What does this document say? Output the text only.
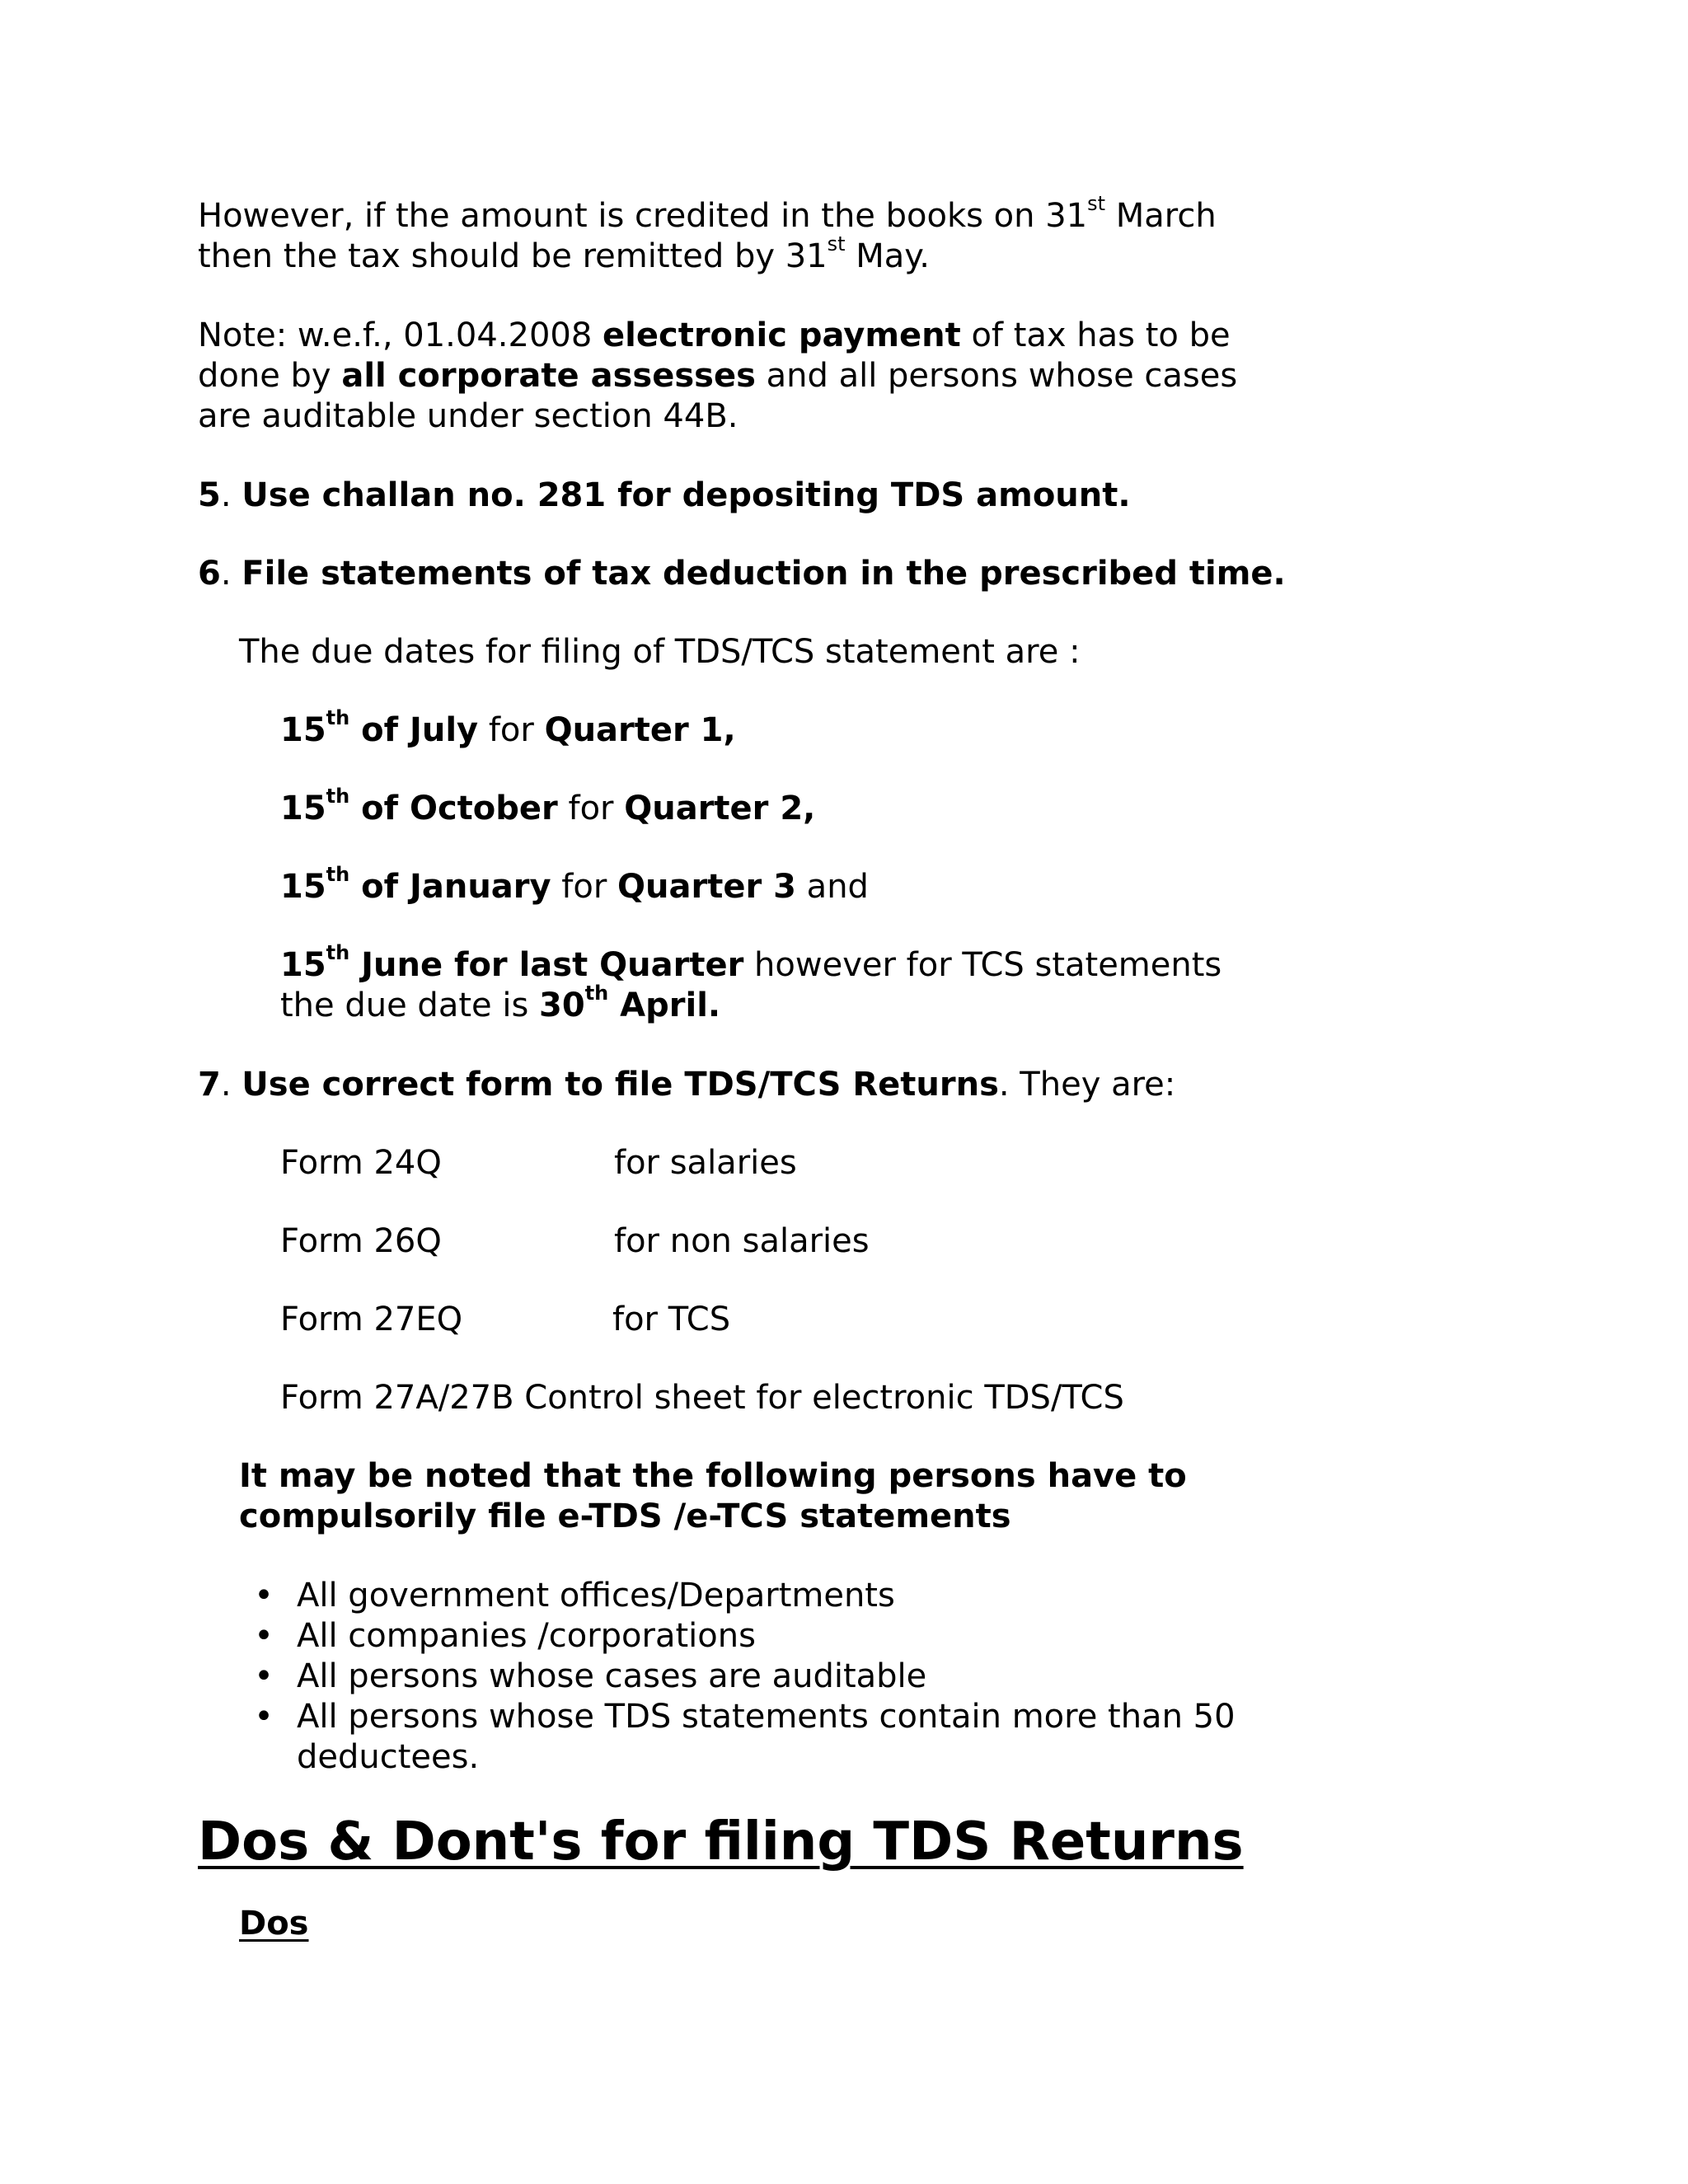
However, if the amount is credited in the books on 31st March
then the tax should be remitted by 31st May.
Note: w.e.f., 01.04.2008 electronic payment of tax has to be
done by all corporate assesses and all persons whose cases
are auditable under section 44B.
5. Use challan no. 281 for depositing TDS amount.
6. File statements of tax deduction in the prescribed time.
The due dates for filing of TDS/TCS statement are :
15th of July for Quarter 1,
15th of October for Quarter 2,
15th of January for Quarter 3 and
15th June for last Quarter however for TCS statements
the due date is 30th April.
7. Use correct form to file TDS/TCS Returns. They are:
Form 24Q	for salaries
Form 26Q	for non salaries
Form 27EQ	for TCS
Form 27A/27B Control sheet for electronic TDS/TCS
It may be noted that the following persons have to
compulsorily file e-TDS /e-TCS statements
• All government offices/Departments
• All companies /corporations
• All persons whose cases are auditable
• All persons whose TDS statements contain more than 50
deductees.
Dos & Dont's for filing TDS Returns
Dos
